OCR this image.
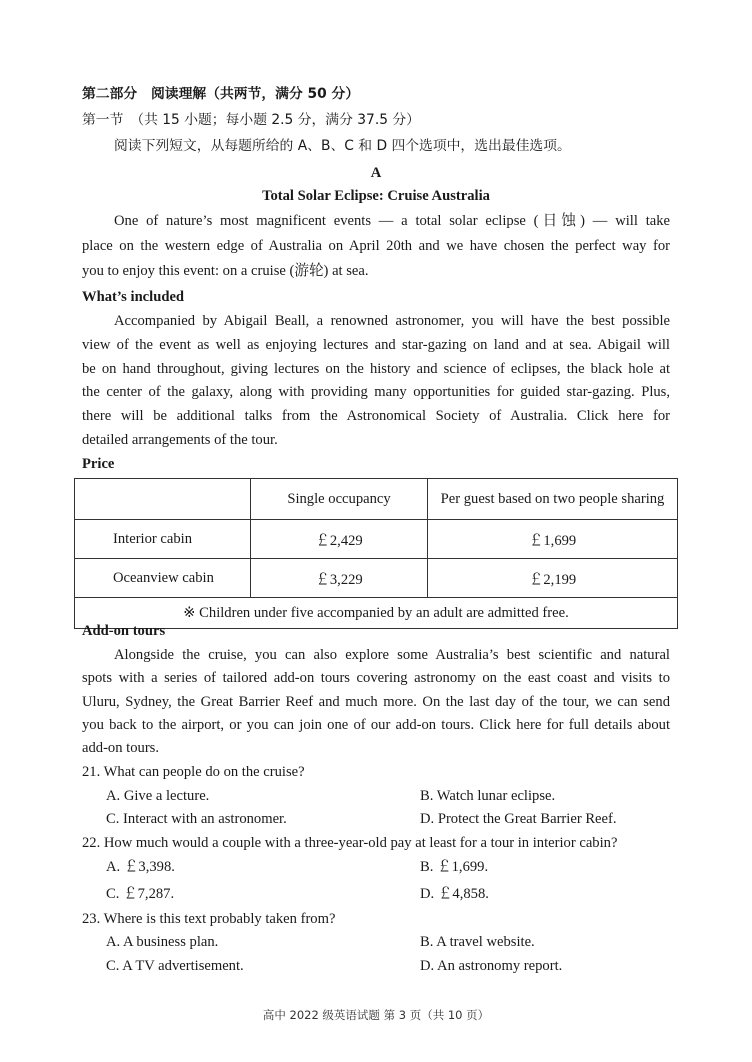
第二部分　阅读理解（共两节，满分 50 分）
第一节　（共 15 小题；每小题 2.5 分，满分 37.5 分）
阅读下列短文，从每题所给的 A、B、C 和 D 四个选项中，选出最佳选项。
A
Total Solar Eclipse: Cruise Australia
One of nature’s most magnificent events — a total solar eclipse (日蚀) — will take
place on the western edge of Australia on April 20th and we have chosen the perfect way for
you to enjoy this event: on a cruise (游轮) at sea.
What’s included
Accompanied by Abigail Beall, a renowned astronomer, you will have the best possible
view of the event as well as enjoying lectures and star-gazing on land and at sea. Abigail will
be on hand throughout, giving lectures on the history and science of eclipses, the black hole at
the center of the galaxy, along with providing many opportunities for guided star-gazing. Plus,
there will be additional talks from the Astronomical Society of Australia. Click here for
detailed arrangements of the tour.
Price
	Single occupancy	Per guest based on two people sharing
Interior cabin	￡2,429	￡1,699
Oceanview cabin	￡3,229	￡2,199
※ Children under five accompanied by an adult are admitted free.		
Add-on tours
Alongside the cruise, you can also explore some Australia’s best scientific and natural
spots with a series of tailored add-on tours covering astronomy on the east coast and visits to
Uluru, Sydney, the Great Barrier Reef and much more. On the last day of the tour, we can send
you back to the airport, or you can join one of our add-on tours. Click here for full details about
add-on tours.
21. What can people do on the cruise?
A. Give a lecture.	B. Watch lunar eclipse.
C. Interact with an astronomer.	D. Protect the Great Barrier Reef.
22. How much would a couple with a three-year-old pay at least for a tour in interior cabin?
A. ￡3,398.	B. ￡1,699.
C. ￡7,287.	D. ￡4,858.
23. Where is this text probably taken from?
A. A business plan.	B. A travel website.
C. A TV advertisement.	D. An astronomy report.
高中 2022 级英语试题 第 3 页（共 10 页）
